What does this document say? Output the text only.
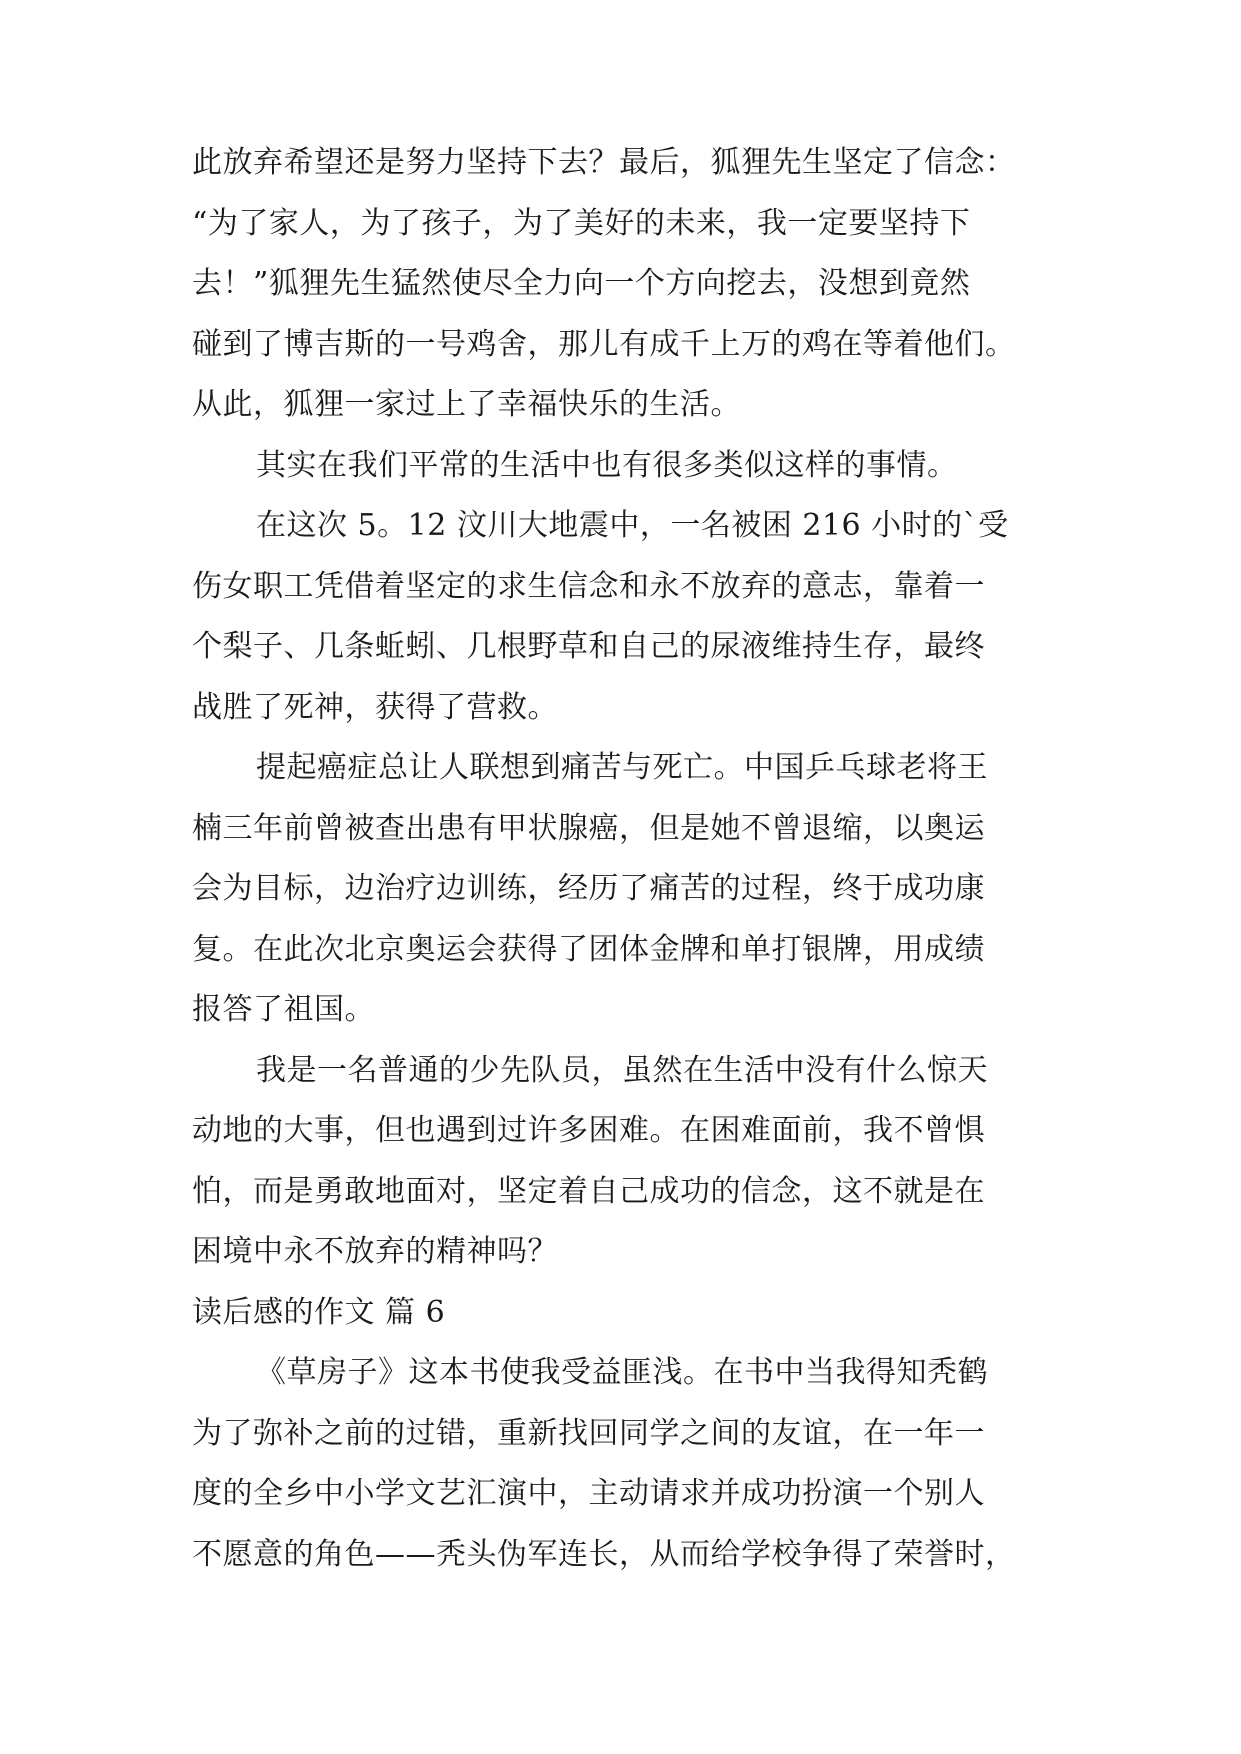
此放弃希望还是努力坚持下去？最后，狐狸先生坚定了信念：
“为了家人，为了孩子，为了美好的未来，我一定要坚持下
去！”狐狸先生猛然使尽全力向一个方向挖去，没想到竟然
碰到了博吉斯的一号鸡舍，那儿有成千上万的鸡在等着他们。
从此，狐狸一家过上了幸福快乐的生活。
其实在我们平常的生活中也有很多类似这样的事情。
在这次 5。12 汶川大地震中，一名被困 216 小时的`受
伤女职工凭借着坚定的求生信念和永不放弃的意志，靠着一
个梨子、几条蚯蚓、几根野草和自己的尿液维持生存，最终
战胜了死神，获得了营救。
提起癌症总让人联想到痛苦与死亡。中国乒乓球老将王
楠三年前曾被查出患有甲状腺癌，但是她不曾退缩，以奥运
会为目标，边治疗边训练，经历了痛苦的过程，终于成功康
复。在此次北京奥运会获得了团体金牌和单打银牌，用成绩
报答了祖国。
我是一名普通的少先队员，虽然在生活中没有什么惊天
动地的大事，但也遇到过许多困难。在困难面前，我不曾惧
怕，而是勇敢地面对，坚定着自己成功的信念，这不就是在
困境中永不放弃的精神吗？
读后感的作文 篇 6
《草房子》这本书使我受益匪浅。在书中当我得知秃鹤
为了弥补之前的过错，重新找回同学之间的友谊，在一年一
度的全乡中小学文艺汇演中，主动请求并成功扮演一个别人
不愿意的角色——秃头伪军连长，从而给学校争得了荣誉时，
